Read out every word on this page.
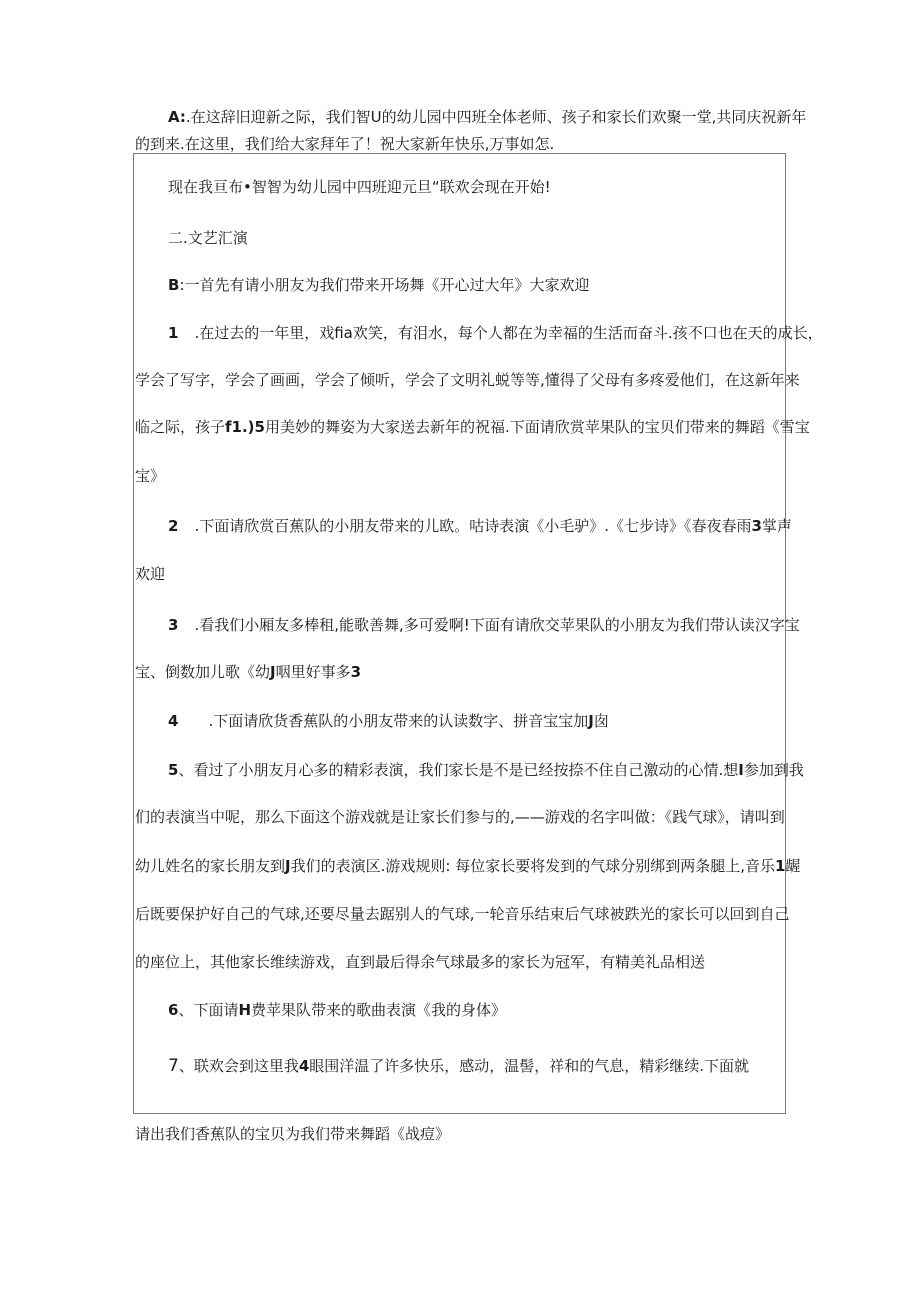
A:.在这辞旧迎新之际，我们智U的幼儿园中四班全体老师、孩子和家长们欢聚一堂,共同庆祝新年
的到来.在这里，我们给大家拜年了！祝大家新年快乐,万事如怎.
现在我亘布•智智为幼儿园中四班迎元旦“联欢会现在开始!
二.文艺汇演
B:一首先有请小朋友为我们带来开场舞《开心过大年》大家欢迎
1 .在过去的一年里，戏fia欢笑，有泪水，每个人都在为幸福的生活而奋斗.孩不口也在天的成长，
学会了写字，学会了画画，学会了倾听，学会了文明礼蜕等等,懂得了父母有多疼爱他们，在这新年来
临之际，孩子f1.)5用美妙的舞姿为大家送去新年的祝福.下面请欣赏苹果队的宝贝们带来的舞蹈《雪宝
宝》
2 .下面请欣赏百蕉队的小朋友带来的儿欧。咕诗表演《小毛驴》.《七步诗》《春夜春雨3掌声
欢迎
3 .看我们小厢友多棒租,能歌善舞,多可爱啊!下面有请欣交苹果队的小朋友为我们带认读汉字宝
宝、倒数加儿歌《幼J咽里好事多3
4 .下面请欣货香蕉队的小朋友带来的认读数字、拼音宝宝加J囱
5、看过了小朋友月心多的精彩表演，我们家长是不是已经按捺不住自己激动的心情.想I参加到我
们的表演当中呢，那么下面这个游戏就是让家长们参与的,——游戏的名字叫做：《践气球》，请叫到
幼儿姓名的家长朋友到J我们的表演区.游戏规则: 每位家长要将发到的气球分别绑到两条腿上,音乐1龌
后既要保护好自己的气球,还要尽量去踞别人的气球,一轮音乐结束后气球被跌光的家长可以回到自己
的座位上，其他家长维续游戏，直到最后得余气球最多的家长为冠军，有精美礼品相送
6、下面请H费苹果队带来的歌曲表演《我的身体》
7、联欢会到这里我4眼围洋温了许多快乐，感动，温髻，祥和的气息，精彩继续.下面就
请出我们香蕉队的宝贝为我们带来舞蹈《战痘》
